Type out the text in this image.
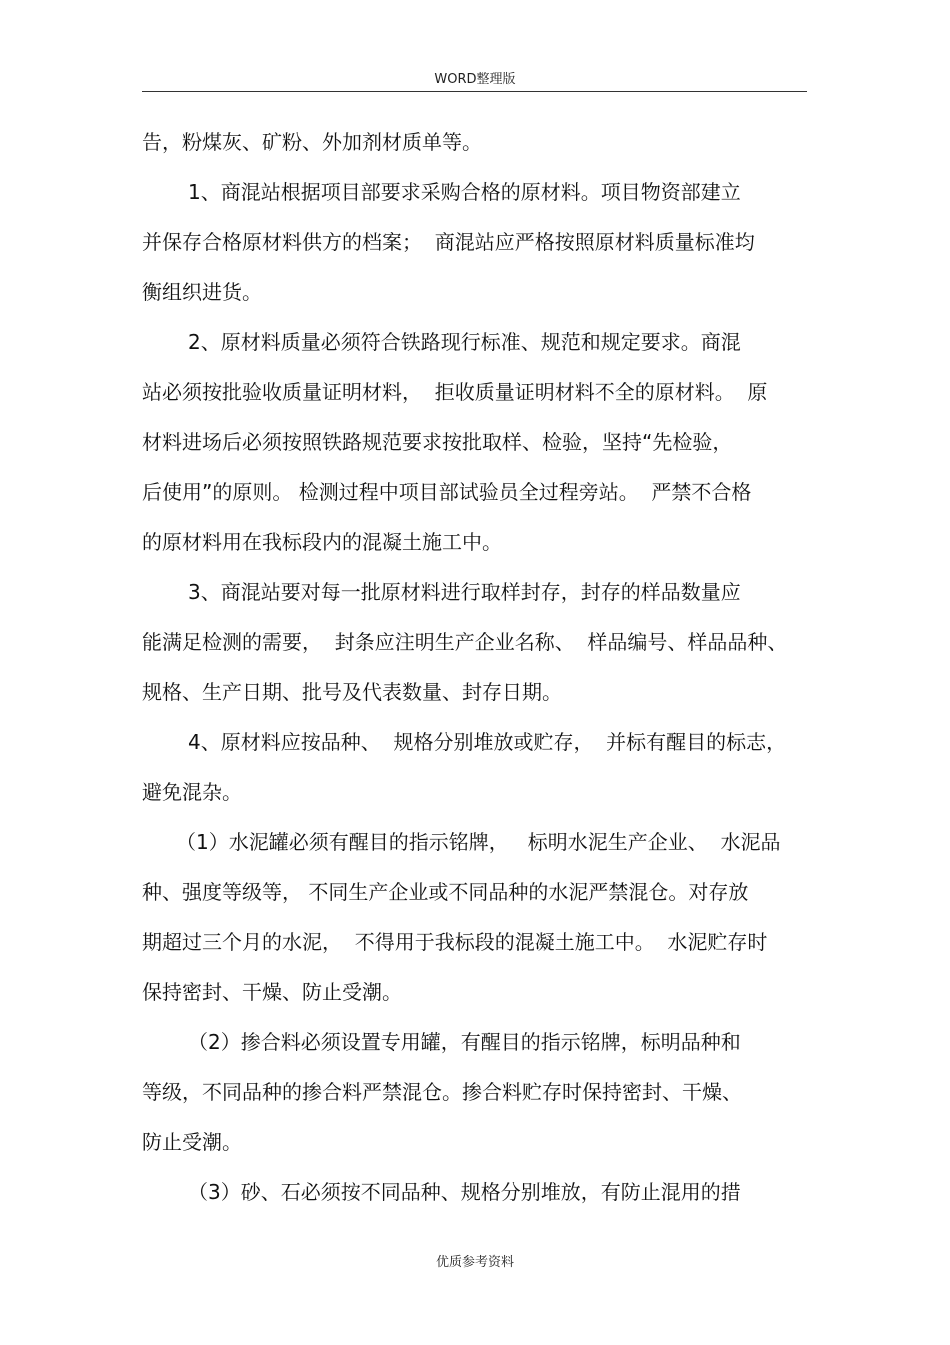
WORD整理版
告，粉煤灰、矿粉、外加剂材质单等。
1、商混站根据项目部要求采购合格的原材料。项目物资部建立
并保存合格原材料供方的档案；  商混站应严格按照原材料质量标准均
衡组织进货。
2、原材料质量必须符合铁路现行标准、规范和规定要求。商混
站必须按批验收质量证明材料，  拒收质量证明材料不全的原材料。  原
材料进场后必须按照铁路规范要求按批取样、检验，坚持“先检验，
后使用”的原则。 检测过程中项目部试验员全过程旁站。  严禁不合格
的原材料用在我标段内的混凝土施工中。
3、商混站要对每一批原材料进行取样封存，封存的样品数量应
能满足检测的需要，  封条应注明生产企业名称、  样品编号、样品品种、
规格、生产日期、批号及代表数量、封存日期。
4、原材料应按品种、  规格分别堆放或贮存，  并标有醒目的标志，
避免混杂。
（1）水泥罐必须有醒目的指示铭牌，   标明水泥生产企业、  水泥品
种、强度等级等， 不同生产企业或不同品种的水泥严禁混仓。对存放
期超过三个月的水泥，  不得用于我标段的混凝土施工中。  水泥贮存时
保持密封、干燥、防止受潮。
（2）掺合料必须设置专用罐，有醒目的指示铭牌，标明品种和
等级，不同品种的掺合料严禁混仓。掺合料贮存时保持密封、干燥、
防止受潮。
（3）砂、石必须按不同品种、规格分别堆放，有防止混用的措
优质参考资料
